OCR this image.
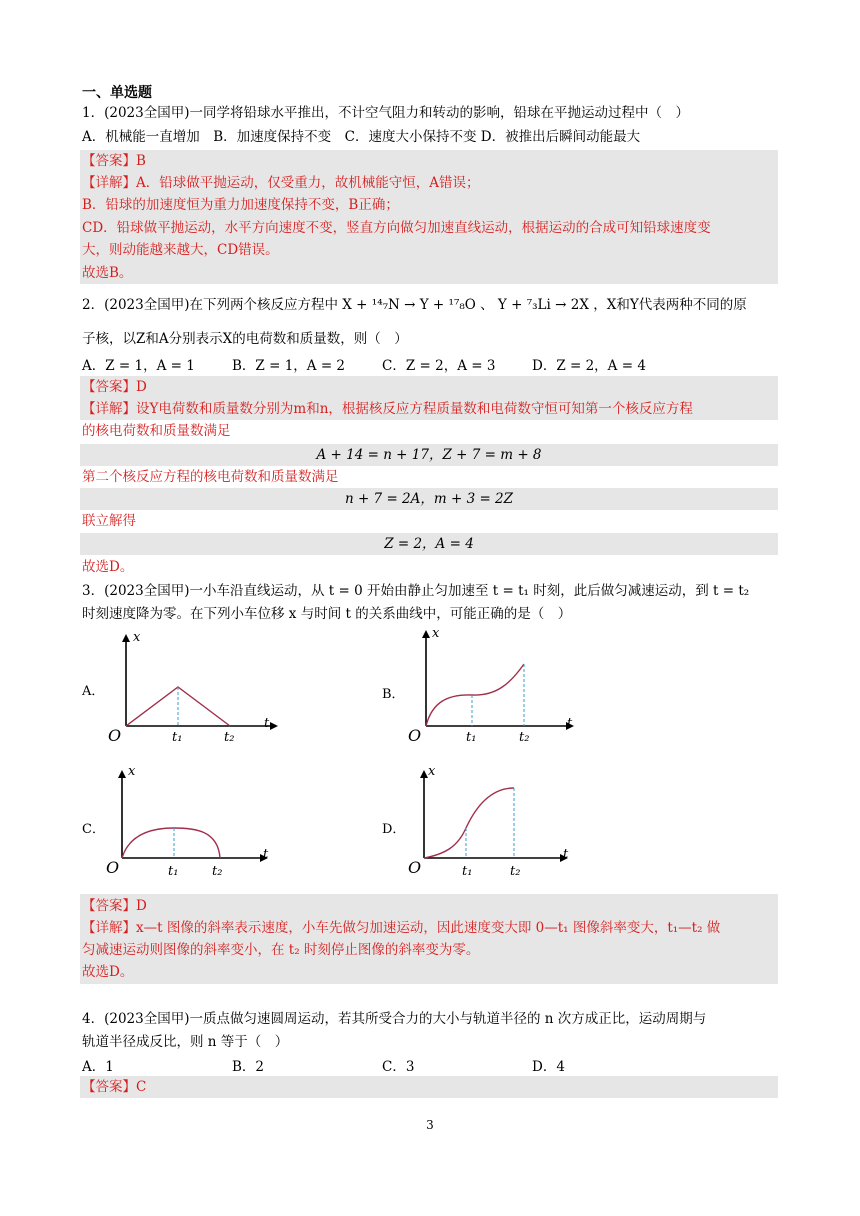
一、单选题
1．(2023全国甲)一同学将铅球水平推出，不计空气阻力和转动的影响，铅球在平抛运动过程中（　）
A．机械能一直增加　B．加速度保持不变　C．速度大小保持不变 D．被推出后瞬间动能最大
【答案】B
【详解】A．铅球做平抛运动，仅受重力，故机械能守恒，A错误；
B．铅球的加速度恒为重力加速度保持不变，B正确；
CD．铅球做平抛运动，水平方向速度不变，竖直方向做匀加速直线运动，根据运动的合成可知铅球速度变
大，则动能越来越大，CD错误。
故选B。
2．(2023全国甲)在下列两个核反应方程中 X + ¹⁴₇N → Y + ¹⁷₈O 、 Y + ⁷₃Li → 2X ，X和Y代表两种不同的原
子核，以Z和A分别表示X的电荷数和质量数，则（　）
A．Z = 1，A = 1	B．Z = 1，A = 2	C．Z = 2，A = 3	D．Z = 2，A = 4
【答案】D
【详解】设Y电荷数和质量数分别为m和n，根据核反应方程质量数和电荷数守恒可知第一个核反应方程
的核电荷数和质量数满足
A + 14 = n + 17，Z + 7 = m + 8
第二个核反应方程的核电荷数和质量数满足
n + 7 = 2A，m + 3 = 2Z
联立解得
Z = 2，A = 4
故选D。
3．(2023全国甲)一小车沿直线运动，从 t = 0 开始由静止匀加速至 t = t₁ 时刻，此后做匀减速运动，到 t = t₂
时刻速度降为零。在下列小车位移 x 与时间 t 的关系曲线中，可能正确的是（　）
A．
x
t
O	t₁	t₂
B．
x
t
O	t₁	t₂
C．
x
t
O	t₁	t₂
D．
x
t
O	t₁	t₂
【答案】D
【详解】x—t 图像的斜率表示速度，小车先做匀加速运动，因此速度变大即 0—t₁ 图像斜率变大，t₁—t₂ 做
匀减速运动则图像的斜率变小，在 t₂ 时刻停止图像的斜率变为零。
故选D。
4．(2023全国甲)一质点做匀速圆周运动，若其所受合力的大小与轨道半径的 n 次方成正比，运动周期与
轨道半径成反比，则 n 等于（　）
A．1	B．2	C．3	D．4
【答案】C
3
